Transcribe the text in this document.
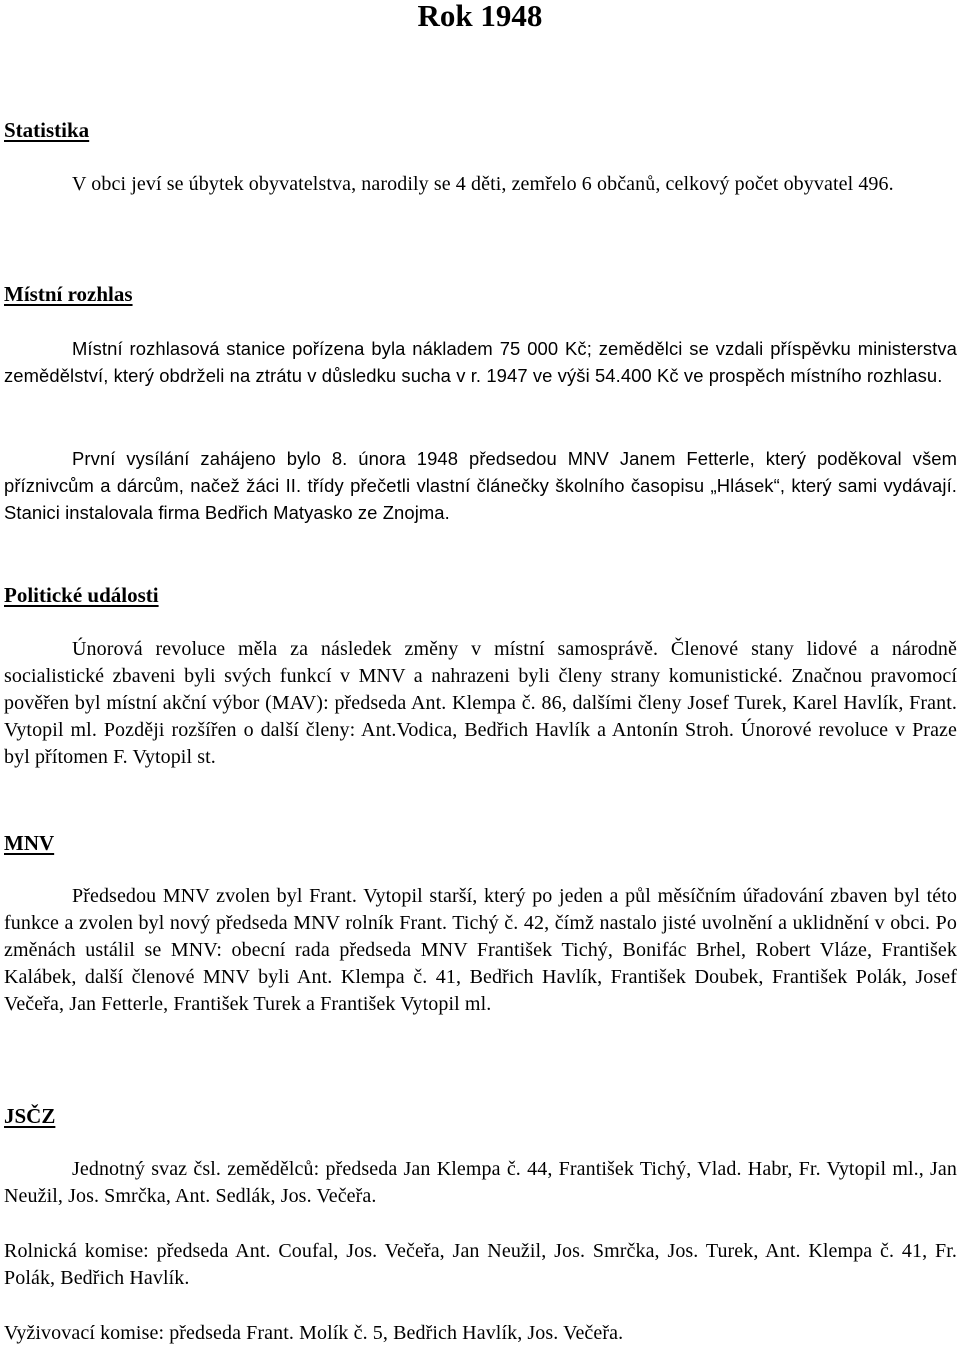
Rok 1948
Statistika

V obci jeví se úbytek obyvatelstva, narodily se 4 děti, zemřelo 6 občanů, celkový počet obyvatel 496.

Místní rozhlas

Místní rozhlasová stanice pořízena byla nákladem 75 000 Kč; zemědělci se vzdali příspěvku ministerstva zemědělství, který obdrželi na ztrátu v důsledku sucha v r. 1947 ve výši 54.400 Kč ve prospěch místního rozhlasu.

První vysílání zahájeno bylo 8. února 1948 předsedou MNV Janem Fetterle, který poděkoval všem příznivcům a dárcům, načež žáci II. třídy přečetli vlastní článečky školního časopisu „Hlásek“, který sami vydávají. Stanici instalovala firma Bedřich Matyasko ze Znojma.

Politické události

Únorová revoluce měla za následek změny v místní samosprávě. Členové stany lidové a národně socialistické zbaveni byli svých funkcí v MNV a nahrazeni byli členy strany komunistické. Značnou pravomocí pověřen byl místní akční výbor (MAV): předseda Ant. Klempa č. 86, dalšími členy Josef Turek, Karel Havlík, Frant. Vytopil ml. Později rozšířen o další členy: Ant.Vodica, Bedřich Havlík a Antonín Stroh. Únorové revoluce v Praze byl přítomen F. Vytopil st.

MNV

Předsedou MNV zvolen byl Frant. Vytopil starší, který po jeden a půl měsíčním úřadování zbaven byl této funkce a zvolen byl nový předseda MNV rolník Frant. Tichý č. 42, čímž nastalo jisté uvolnění a uklidnění v obci. Po změnách ustálil se MNV: obecní rada předseda MNV František Tichý, Bonifác Brhel, Robert Vláze, František Kalábek, další členové MNV byli Ant. Klempa č. 41, Bedřich Havlík, František Doubek, František Polák, Josef Večeřa, Jan Fetterle, František Turek a František Vytopil ml.

JSČZ

Jednotný svaz čsl. zemědělců: předseda Jan Klempa č. 44, František Tichý, Vlad. Habr, Fr. Vytopil ml., Jan Neužil, Jos. Smrčka, Ant. Sedlák, Jos. Večeřa.

Rolnická komise: předseda Ant. Coufal, Jos. Večeřa, Jan Neužil, Jos. Smrčka, Jos. Turek, Ant. Klempa č. 41, Fr. Polák, Bedřich Havlík.

Vyživovací komise: předseda Frant. Molík č. 5, Bedřich Havlík, Jos. Večeřa.
